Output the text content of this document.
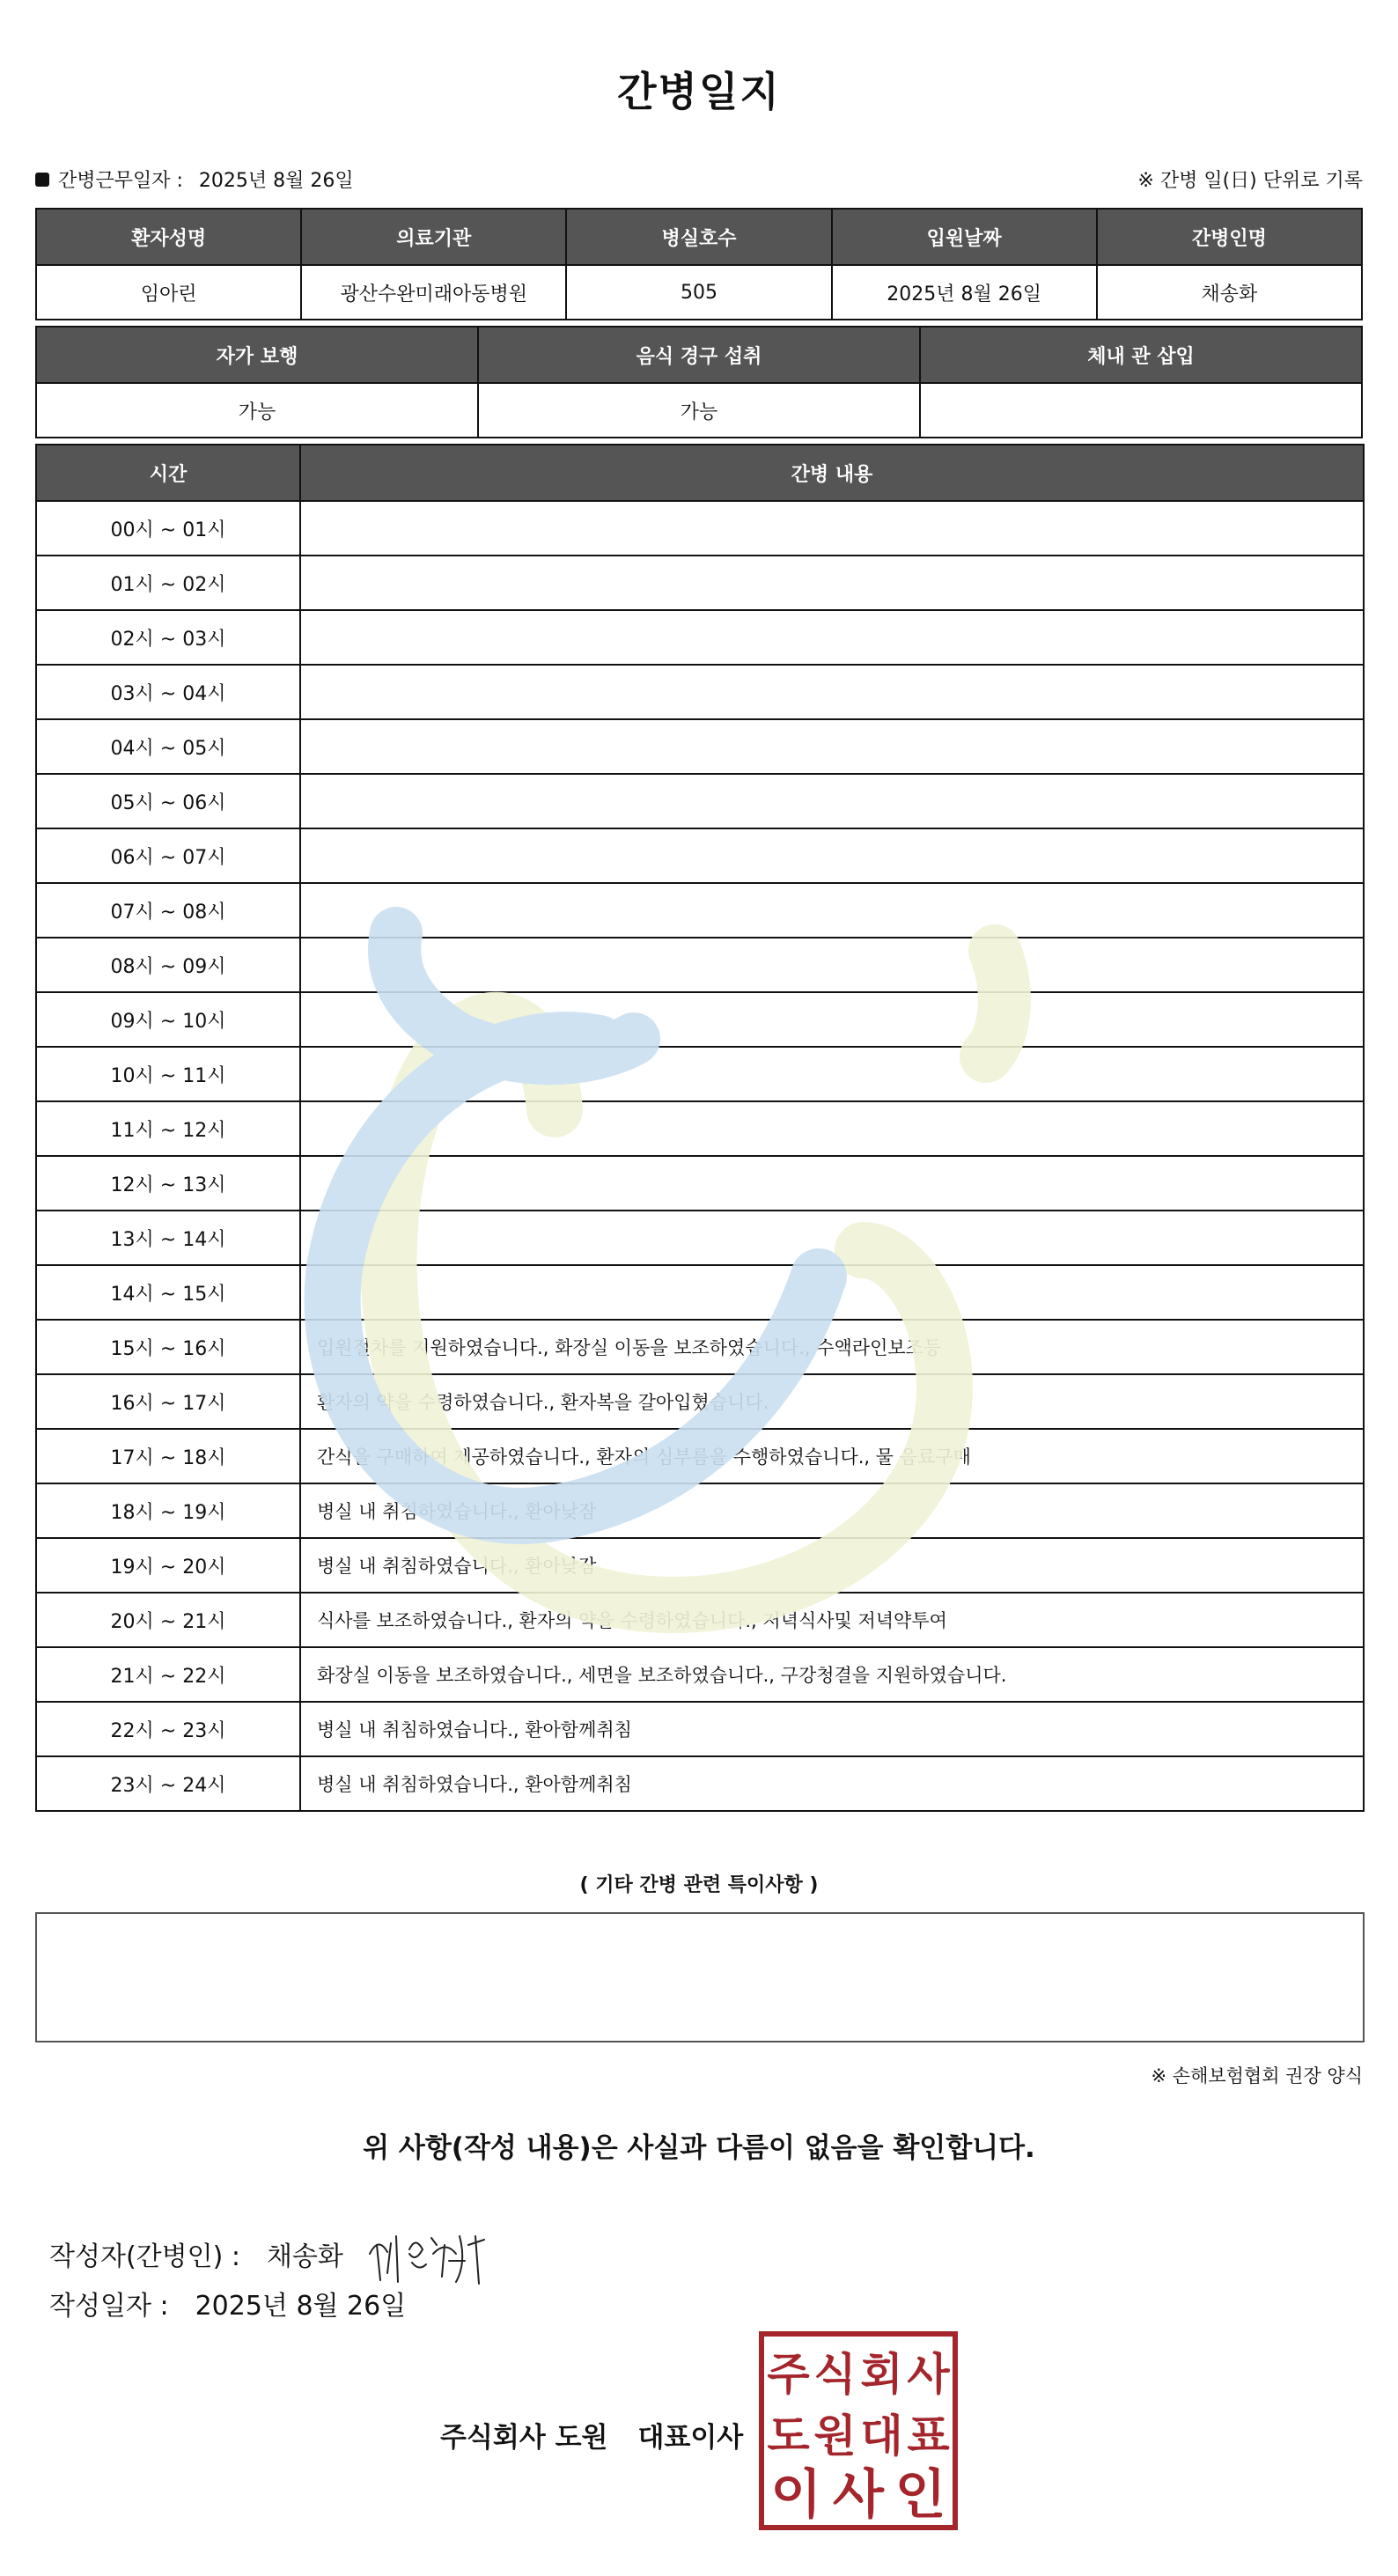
간병일지
간병근무일자 : 2025년 8월 26일	※ 간병 일(日) 단위로 기록
환자성명	의료기관	병실호수	입원날짜	간병인명
임아린	광산수완미래아동병원	505	2025년 8월 26일	채송화
자가 보행	음식 경구 섭취	체내 관 삽입
가능	가능	
시간	간병 내용
00시 ~ 01시	
01시 ~ 02시	
02시 ~ 03시	
03시 ~ 04시	
04시 ~ 05시	
05시 ~ 06시	
06시 ~ 07시	
07시 ~ 08시	
08시 ~ 09시	
09시 ~ 10시	
10시 ~ 11시	
11시 ~ 12시	
12시 ~ 13시	
13시 ~ 14시	
14시 ~ 15시	
15시 ~ 16시	입원절차를 지원하였습니다., 화장실 이동을 보조하였습니다., 수액라인보조등
16시 ~ 17시	환자의 약을 수령하였습니다., 환자복을 갈아입혔습니다.
17시 ~ 18시	간식을 구매하여 제공하였습니다., 환자의 심부름을 수행하였습니다., 물 음료구매
18시 ~ 19시	병실 내 취침하였습니다., 환아낮잠
19시 ~ 20시	병실 내 취침하였습니다., 환아낮잠
20시 ~ 21시	식사를 보조하였습니다., 환자의 약을 수령하였습니다., 저녁식사및 저녁약투여
21시 ~ 22시	화장실 이동을 보조하였습니다., 세면을 보조하였습니다., 구강청결을 지원하였습니다.
22시 ~ 23시	병실 내 취침하였습니다., 환아함께취침
23시 ~ 24시	병실 내 취침하였습니다., 환아함께취침
( 기타 간병 관련 특이사항 )
※ 손해보험협회 권장 양식
위 사항(작성 내용)은 사실과 다름이 없음을 확인합니다.
작성자(간병인) : 채송화
작성일자 : 2025년 8월 26일
주식회사 도원 대표이사
주 식 회 사
도 원 대 표
이 사 인
